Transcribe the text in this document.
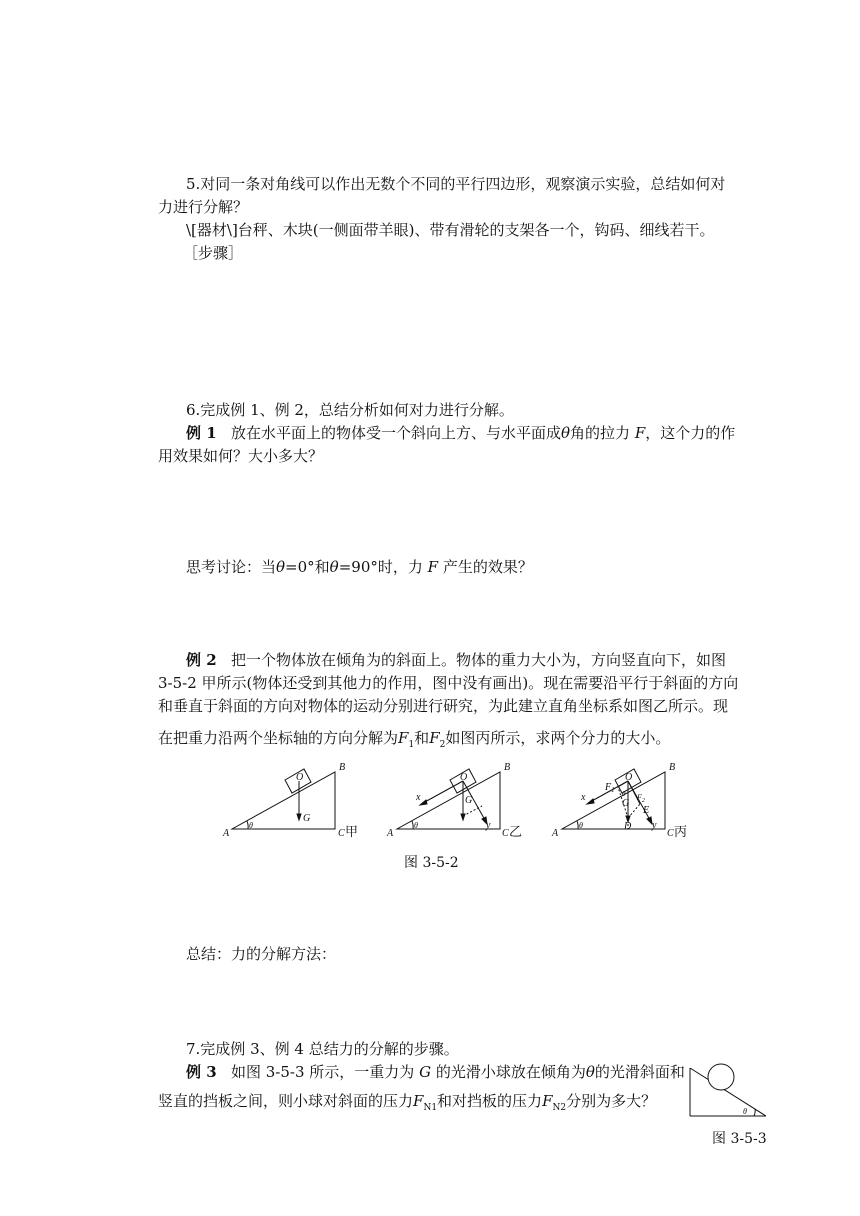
5.对同一条对角线可以作出无数个不同的平行四边形，观察演示实验，总结如何对
力进行分解？
\[器材\]台秤、木块(一侧面带羊眼)、带有滑轮的支架各一个，钩码、细线若干。
［步骤］
6.完成例 1、例 2，总结分析如何对力进行分解。
例 1 放在水平面上的物体受一个斜向上方、与水平面成θ角的拉力 F，这个力的作
用效果如何？大小多大？
思考讨论：当θ=0°和θ=90°时，力 F 产生的效果？
例 2 把一个物体放在倾角为的斜面上。物体的重力大小为，方向竖直向下，如图
3-5-2 甲所示(物体还受到其他力的作用，图中没有画出)。现在需要沿平行于斜面的方向
和垂直于斜面的方向对物体的运动分别进行研究，为此建立直角坐标系如图乙所示。现
在把重力沿两个坐标轴的方向分解为$F_1$和$F_2$如图丙所示，求两个分力的大小。
A	C
B
O
G
θ
A	C
B
O
G
x
y
θ
A	C
B
O
G
D
E
x
y
$F_1$
$F_2$
θ
θ
甲	乙	丙
图 3-5-2
总结：力的分解方法：
7.完成例 3、例 4 总结力的分解的步骤。
例 3 如图 3-5-3 所示，一重力为 G 的光滑小球放在倾角为θ的光滑斜面和
竖直的挡板之间，则小球对斜面的压力$F_{N1}$和对挡板的压力$F_{N2}$分别为多大？
θ
图 3-5-3
